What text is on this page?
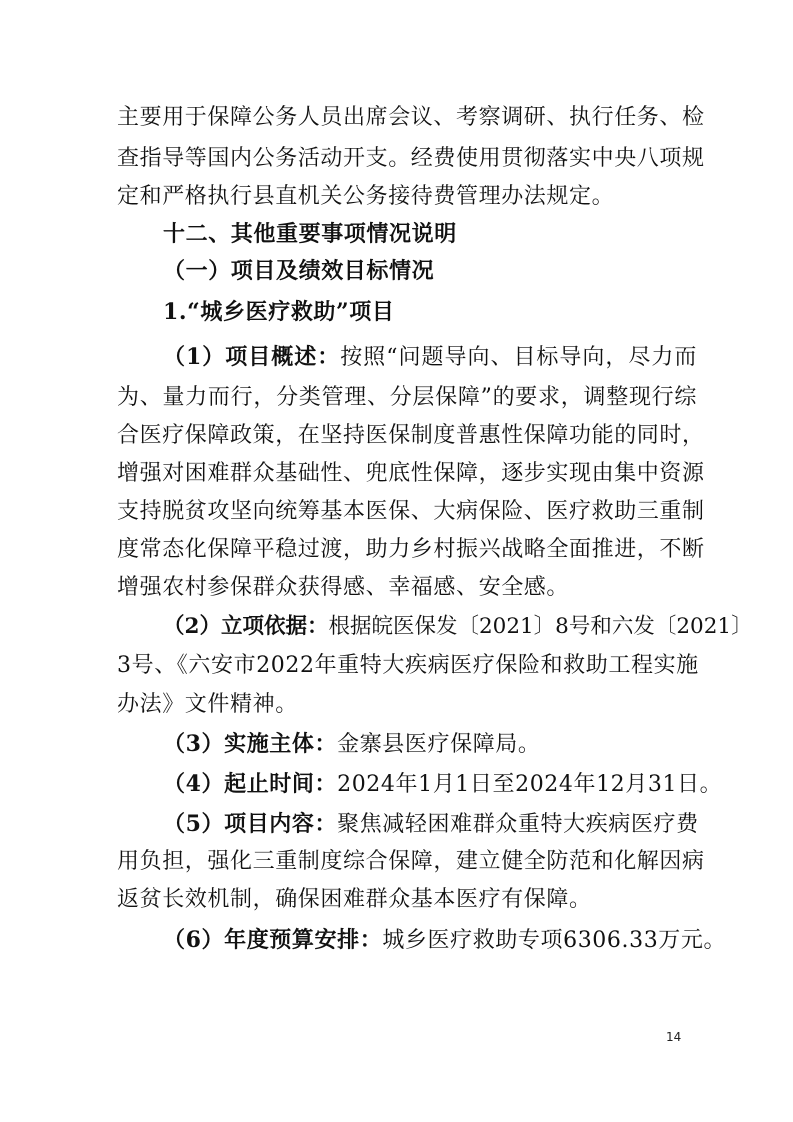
主要用于保障公务人员出席会议、考察调研、执行任务、检
查指导等国内公务活动开支。经费使用贯彻落实中央八项规
定和严格执行县直机关公务接待费管理办法规定。
十二、其他重要事项情况说明
（一）项目及绩效目标情况
1.“城乡医疗救助”项目
（1）项目概述：按照“问题导向、目标导向，尽力而
为、量力而行，分类管理、分层保障”的要求，调整现行综
合医疗保障政策，在坚持医保制度普惠性保障功能的同时，
增强对困难群众基础性、兜底性保障，逐步实现由集中资源
支持脱贫攻坚向统筹基本医保、大病保险、医疗救助三重制
度常态化保障平稳过渡，助力乡村振兴战略全面推进，不断
增强农村参保群众获得感、幸福感、安全感。
（2）立项依据：根据皖医保发〔2021〕8号和六发〔2021〕
3号、《六安市2022年重特大疾病医疗保险和救助工程实施
办法》文件精神。
（3）实施主体：金寨县医疗保障局。
（4）起止时间：2024年1月1日至2024年12月31日。
（5）项目内容：聚焦减轻困难群众重特大疾病医疗费
用负担，强化三重制度综合保障，建立健全防范和化解因病
返贫长效机制，确保困难群众基本医疗有保障。
（6）年度预算安排：城乡医疗救助专项6306.33万元。
14
